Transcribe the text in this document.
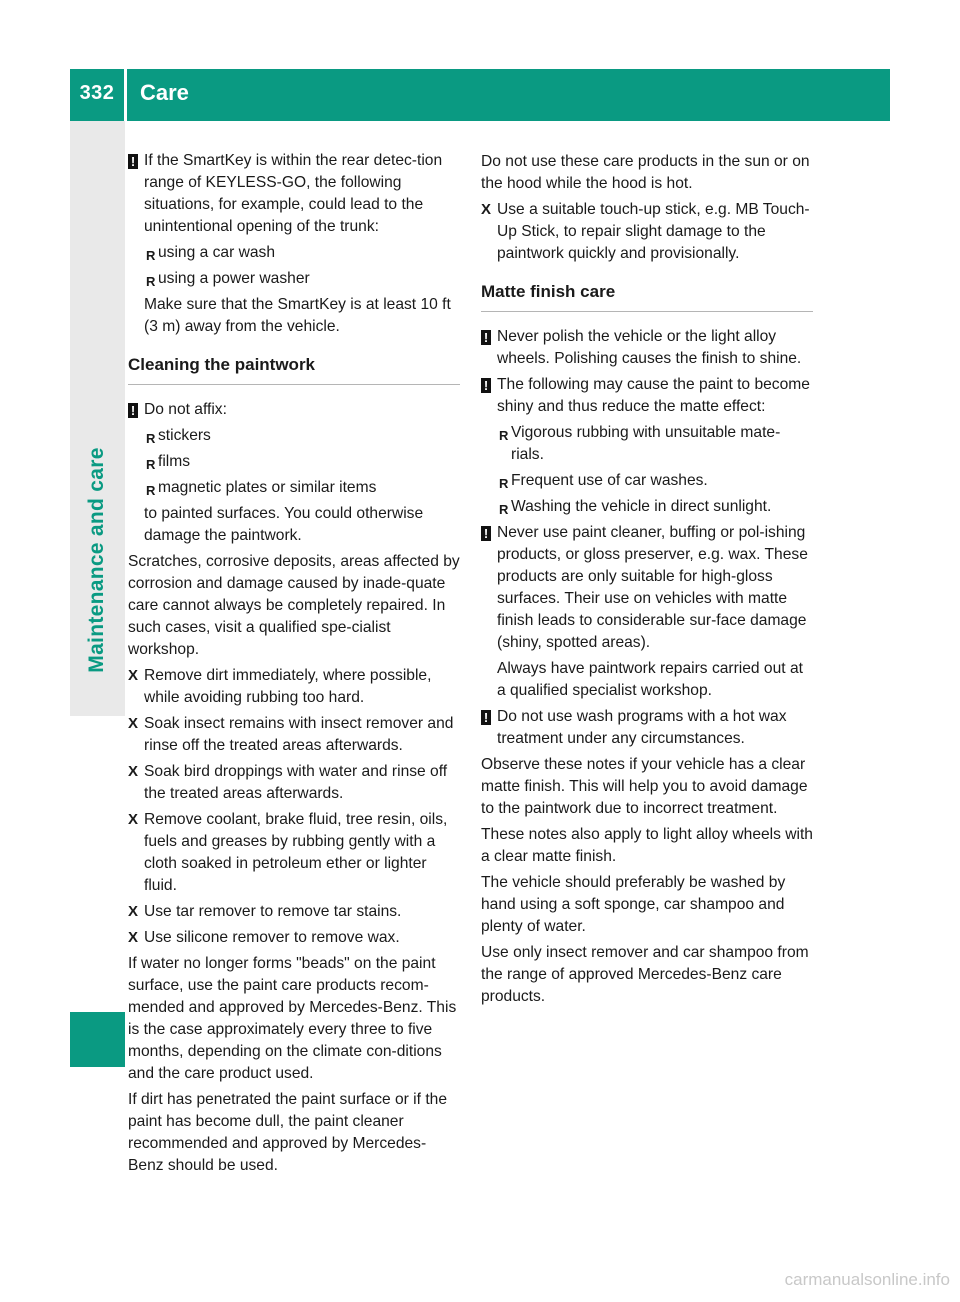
332	Care
Maintenance and care
! If the SmartKey is within the rear detec-tion range of KEYLESS-GO, the following situations, for example, could lead to the unintentional opening of the trunk:

R using a car wash
R using a power washer

Make sure that the SmartKey is at least 10 ft (3 m) away from the vehicle.

Cleaning the paintwork
! Do not affix:

R stickers
R films
R magnetic plates or similar items

to painted surfaces. You could otherwise damage the paintwork.

Scratches, corrosive deposits, areas affected by corrosion and damage caused by inade-quate care cannot always be completely repaired. In such cases, visit a qualified spe-cialist workshop.

X Remove dirt immediately, where possible, while avoiding rubbing too hard.
X Soak insect remains with insect remover and rinse off the treated areas afterwards.
X Soak bird droppings with water and rinse off the treated areas afterwards.
X Remove coolant, brake fluid, tree resin, oils, fuels and greases by rubbing gently with a cloth soaked in petroleum ether or lighter fluid.
X Use tar remover to remove tar stains.
X Use silicone remover to remove wax.

If water no longer forms "beads" on the paint surface, use the paint care products recom-mended and approved by Mercedes-Benz. This is the case approximately every three to five months, depending on the climate con-ditions and the care product used.

If dirt has penetrated the paint surface or if the paint has become dull, the paint cleaner recommended and approved by Mercedes-Benz should be used.

Do not use these care products in the sun or on the hood while the hood is hot.

X Use a suitable touch-up stick, e.g. MB Touch-Up Stick, to repair slight damage to the paintwork quickly and provisionally.
Matte finish care
! Never polish the vehicle or the light alloy wheels. Polishing causes the finish to shine.

! The following may cause the paint to become shiny and thus reduce the matte effect:

R Vigorous rubbing with unsuitable mate-rials.
R Frequent use of car washes.
R Washing the vehicle in direct sunlight.
! Never use paint cleaner, buffing or pol-ishing products, or gloss preserver, e.g. wax. These products are only suitable for high-gloss surfaces. Their use on vehicles with matte finish leads to considerable sur-face damage (shiny, spotted areas).

Always have paintwork repairs carried out at a qualified specialist workshop.

! Do not use wash programs with a hot wax treatment under any circumstances.

Observe these notes if your vehicle has a clear matte finish. This will help you to avoid damage to the paintwork due to incorrect treatment.

These notes also apply to light alloy wheels with a clear matte finish.

The vehicle should preferably be washed by hand using a soft sponge, car shampoo and plenty of water.

Use only insect remover and car shampoo from the range of approved Mercedes-Benz care products.

carmanualsonline.info
